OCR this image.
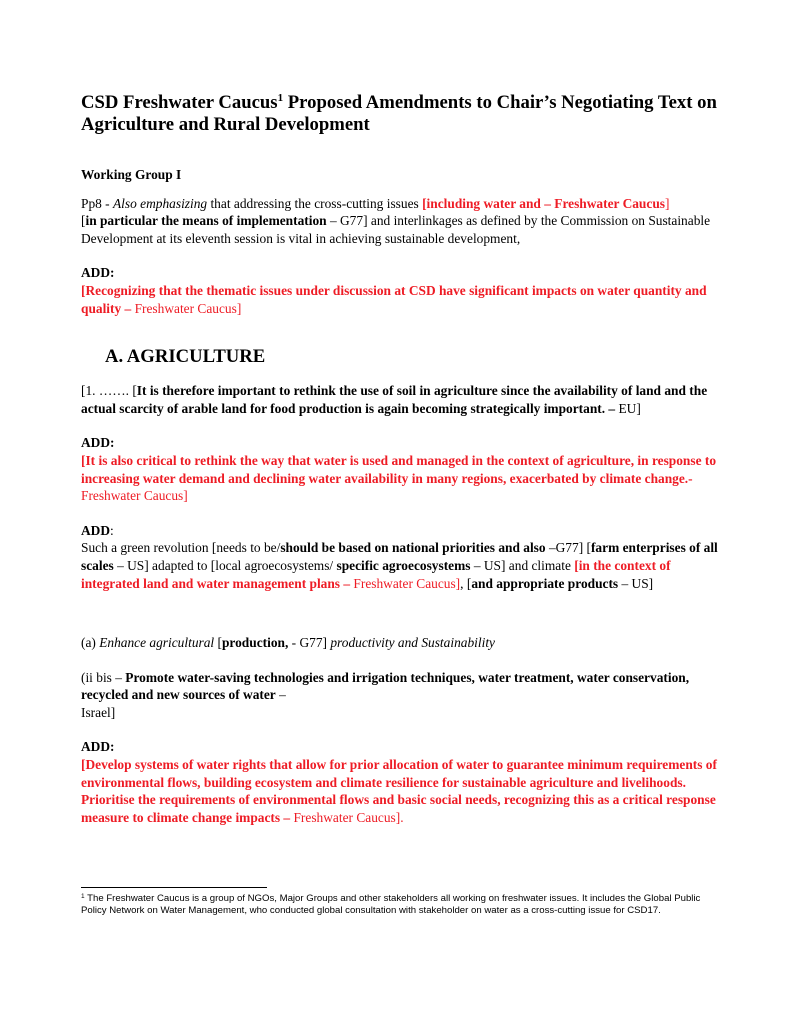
CSD Freshwater Caucus$^1$ Proposed Amendments to Chair’s Negotiating Text on Agriculture and Rural Development

Working Group I

Pp8 - Also emphasizing that addressing the cross-cutting issues [including water and – Freshwater Caucus]
[in particular the means of implementation – G77] and interlinkages as defined by the Commission on Sustainable Development at its eleventh session is vital in achieving sustainable development,

ADD:

[Recognizing that the thematic issues under discussion at CSD have significant impacts on water quantity and quality – Freshwater Caucus]

A. AGRICULTURE

[1. ……. [It is therefore important to rethink the use of soil in agriculture since the availability of land and the actual scarcity of arable land for food production is again becoming strategically important. – EU]

ADD:

[It is also critical to rethink the way that water is used and managed in the context of agriculture, in response to increasing water demand and declining water availability in many regions, exacerbated by climate change.-Freshwater Caucus]

ADD:

Such a green revolution [needs to be/should be based on national priorities and also –G77] [farm enterprises of all scales – US] adapted to [local agroecosystems/ specific agroecosystems – US] and climate [in the context of integrated land and water management plans – Freshwater Caucus], [and appropriate products – US]

(a) Enhance agricultural [production, - G77] productivity and Sustainability

(ii bis – Promote water-saving technologies and irrigation techniques, water treatment, water conservation, recycled and new sources of water –
Israel]

ADD:

[Develop systems of water rights that allow for prior allocation of water to guarantee minimum requirements of environmental flows, building ecosystem and climate resilience for sustainable agriculture and livelihoods. Prioritise the requirements of environmental flows and basic social needs, recognizing this as a critical response measure to climate change impacts – Freshwater Caucus].

$^1$ The Freshwater Caucus is a group of NGOs, Major Groups and other stakeholders all working on freshwater issues. It includes the Global Public Policy Network on Water Management, who conducted global consultation with stakeholder on water as a cross-cutting issue for CSD17.
